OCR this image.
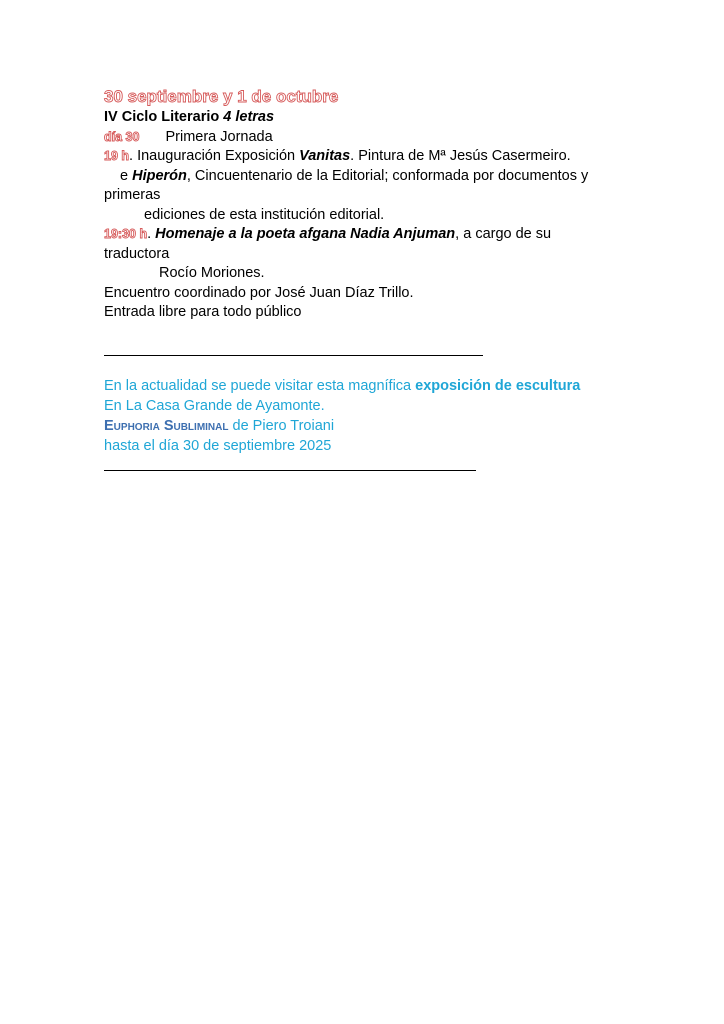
30 septiembre y 1 de octubre
IV Ciclo Literario 4 letras
día 30 Primera Jornada
19 h. Inauguración Exposición Vanitas. Pintura de Mª Jesús Casermeiro.
e Hiperón, Cincuentenario de la Editorial; conformada por documentos y
primeras
ediciones de esta institución editorial.
19:30 h. Homenaje a la poeta afgana Nadia Anjuman, a cargo de su
traductora
Rocío Moriones.
Encuentro coordinado por José Juan Díaz Trillo.
Entrada libre para todo público
En la actualidad se puede visitar esta magnífica exposición de escultura
En La Casa Grande de Ayamonte.
Euphoria Subliminal de Piero Troiani
hasta el día 30 de septiembre 2025
